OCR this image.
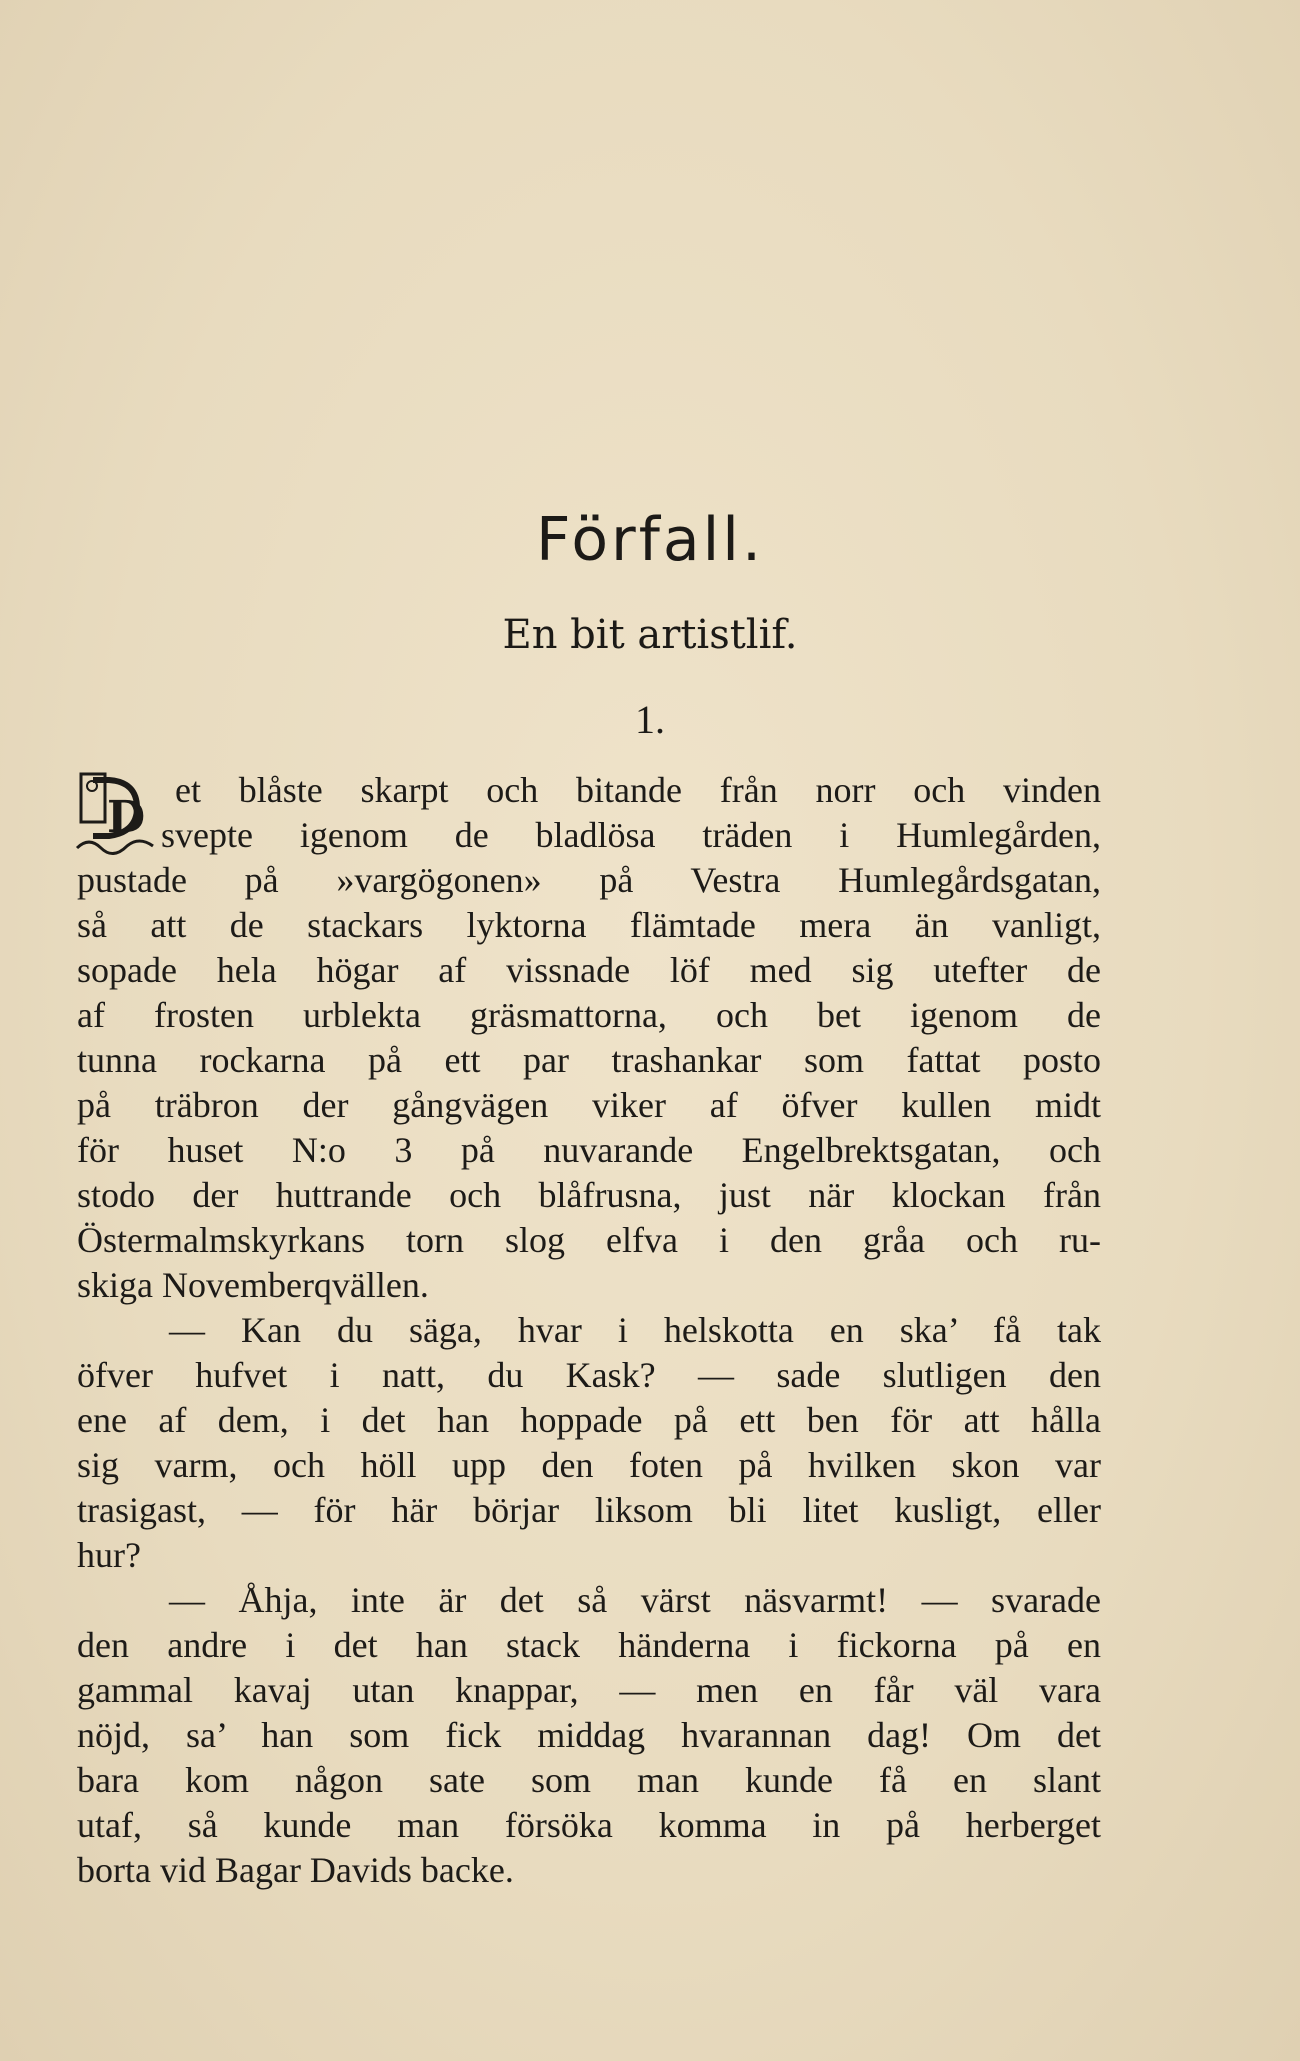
Förfall.
En bit artistlif.
1.
D
et blåste skarpt och bitande från norr och vinden
svepte igenom de bladlösa träden i Humlegården,
pustade på »vargögonen» på Vestra Humlegårdsgatan,
så att de stackars lyktorna flämtade mera än vanligt,
sopade hela högar af vissnade löf med sig utefter de
af frosten urblekta gräsmattorna, och bet igenom de
tunna rockarna på ett par trashankar som fattat posto
på träbron der gångvägen viker af öfver kullen midt
för huset N:o 3 på nuvarande Engelbrektsgatan, och
stodo der huttrande och blåfrusna, just när klockan från
Östermalmskyrkans torn slog elfva i den gråa och ru-
skiga Novemberqvällen.
— Kan du säga, hvar i helskotta en ska’ få tak
öfver hufvet i natt, du Kask? — sade slutligen den
ene af dem, i det han hoppade på ett ben för att hålla
sig varm, och höll upp den foten på hvilken skon var
trasigast, — för här börjar liksom bli litet kusligt, eller
hur?
— Åhja, inte är det så värst näsvarmt! — svarade
den andre i det han stack händerna i fickorna på en
gammal kavaj utan knappar, — men en får väl vara
nöjd, sa’ han som fick middag hvarannan dag! Om det
bara kom någon sate som man kunde få en slant
utaf, så kunde man försöka komma in på herberget
borta vid Bagar Davids backe.
